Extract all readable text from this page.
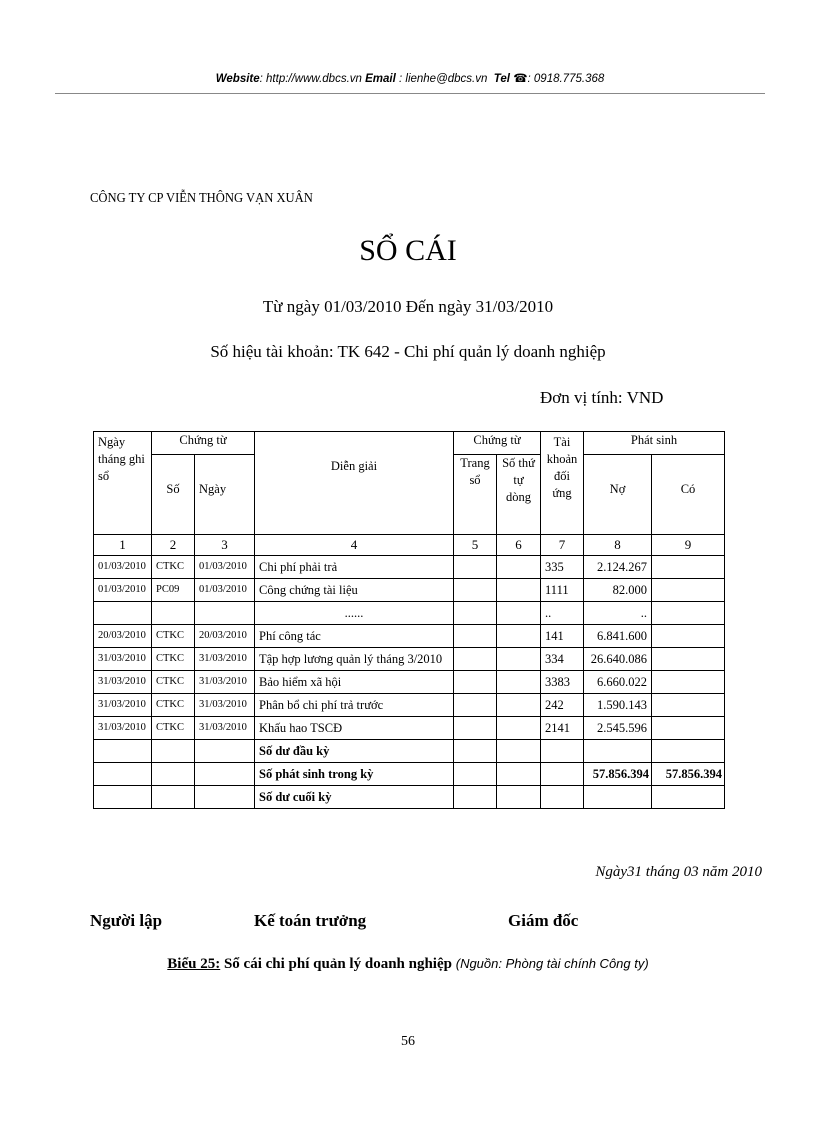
Website: http://www.dbcs.vn Email : lienhe@dbcs.vn Tel ☎: 0918.775.368
CÔNG TY CP VIỄN THÔNG VẠN XUÂN
SỔ CÁI
Từ ngày 01/03/2010 Đến ngày 31/03/2010
Số hiệu tài khoản: TK 642 - Chi phí quản lý doanh nghiệp
Đơn vị tính: VND
Ngày tháng ghi sổ	Chứng từ		Diễn giải	Chứng từ		Tài khoản đối ứng	Phát sinh	
	Số	Ngày		Trang sổ	Số thứ tự dòng		Nợ	Có
1	2	3	4	5	6	7	8	9
01/03/2010	CTKC	01/03/2010	Chi phí phải trả			335	2.124.267	
01/03/2010	PC09	01/03/2010	Công chứng tài liệu			1111	82.000	
			......			..	..	
20/03/2010	CTKC	20/03/2010	Phí công tác			141	6.841.600	
31/03/2010	CTKC	31/03/2010	Tập hợp lương quản lý tháng 3/2010			334	26.640.086	
31/03/2010	CTKC	31/03/2010	Bảo hiểm xã hội			3383	6.660.022	
31/03/2010	CTKC	31/03/2010	Phân bổ chi phí trả trước			242	1.590.143	
31/03/2010	CTKC	31/03/2010	Khấu hao TSCĐ			2141	2.545.596	
			Số dư đầu kỳ					
			Số phát sinh trong kỳ				57.856.394	57.856.394
			Số dư cuối kỳ					
Ngày31 tháng 03 năm 2010
Người lập	Kế toán trưởng	Giám đốc
Biểu 25: Sổ cái chi phí quản lý doanh nghiệp (Nguồn: Phòng tài chính Công ty)
56
